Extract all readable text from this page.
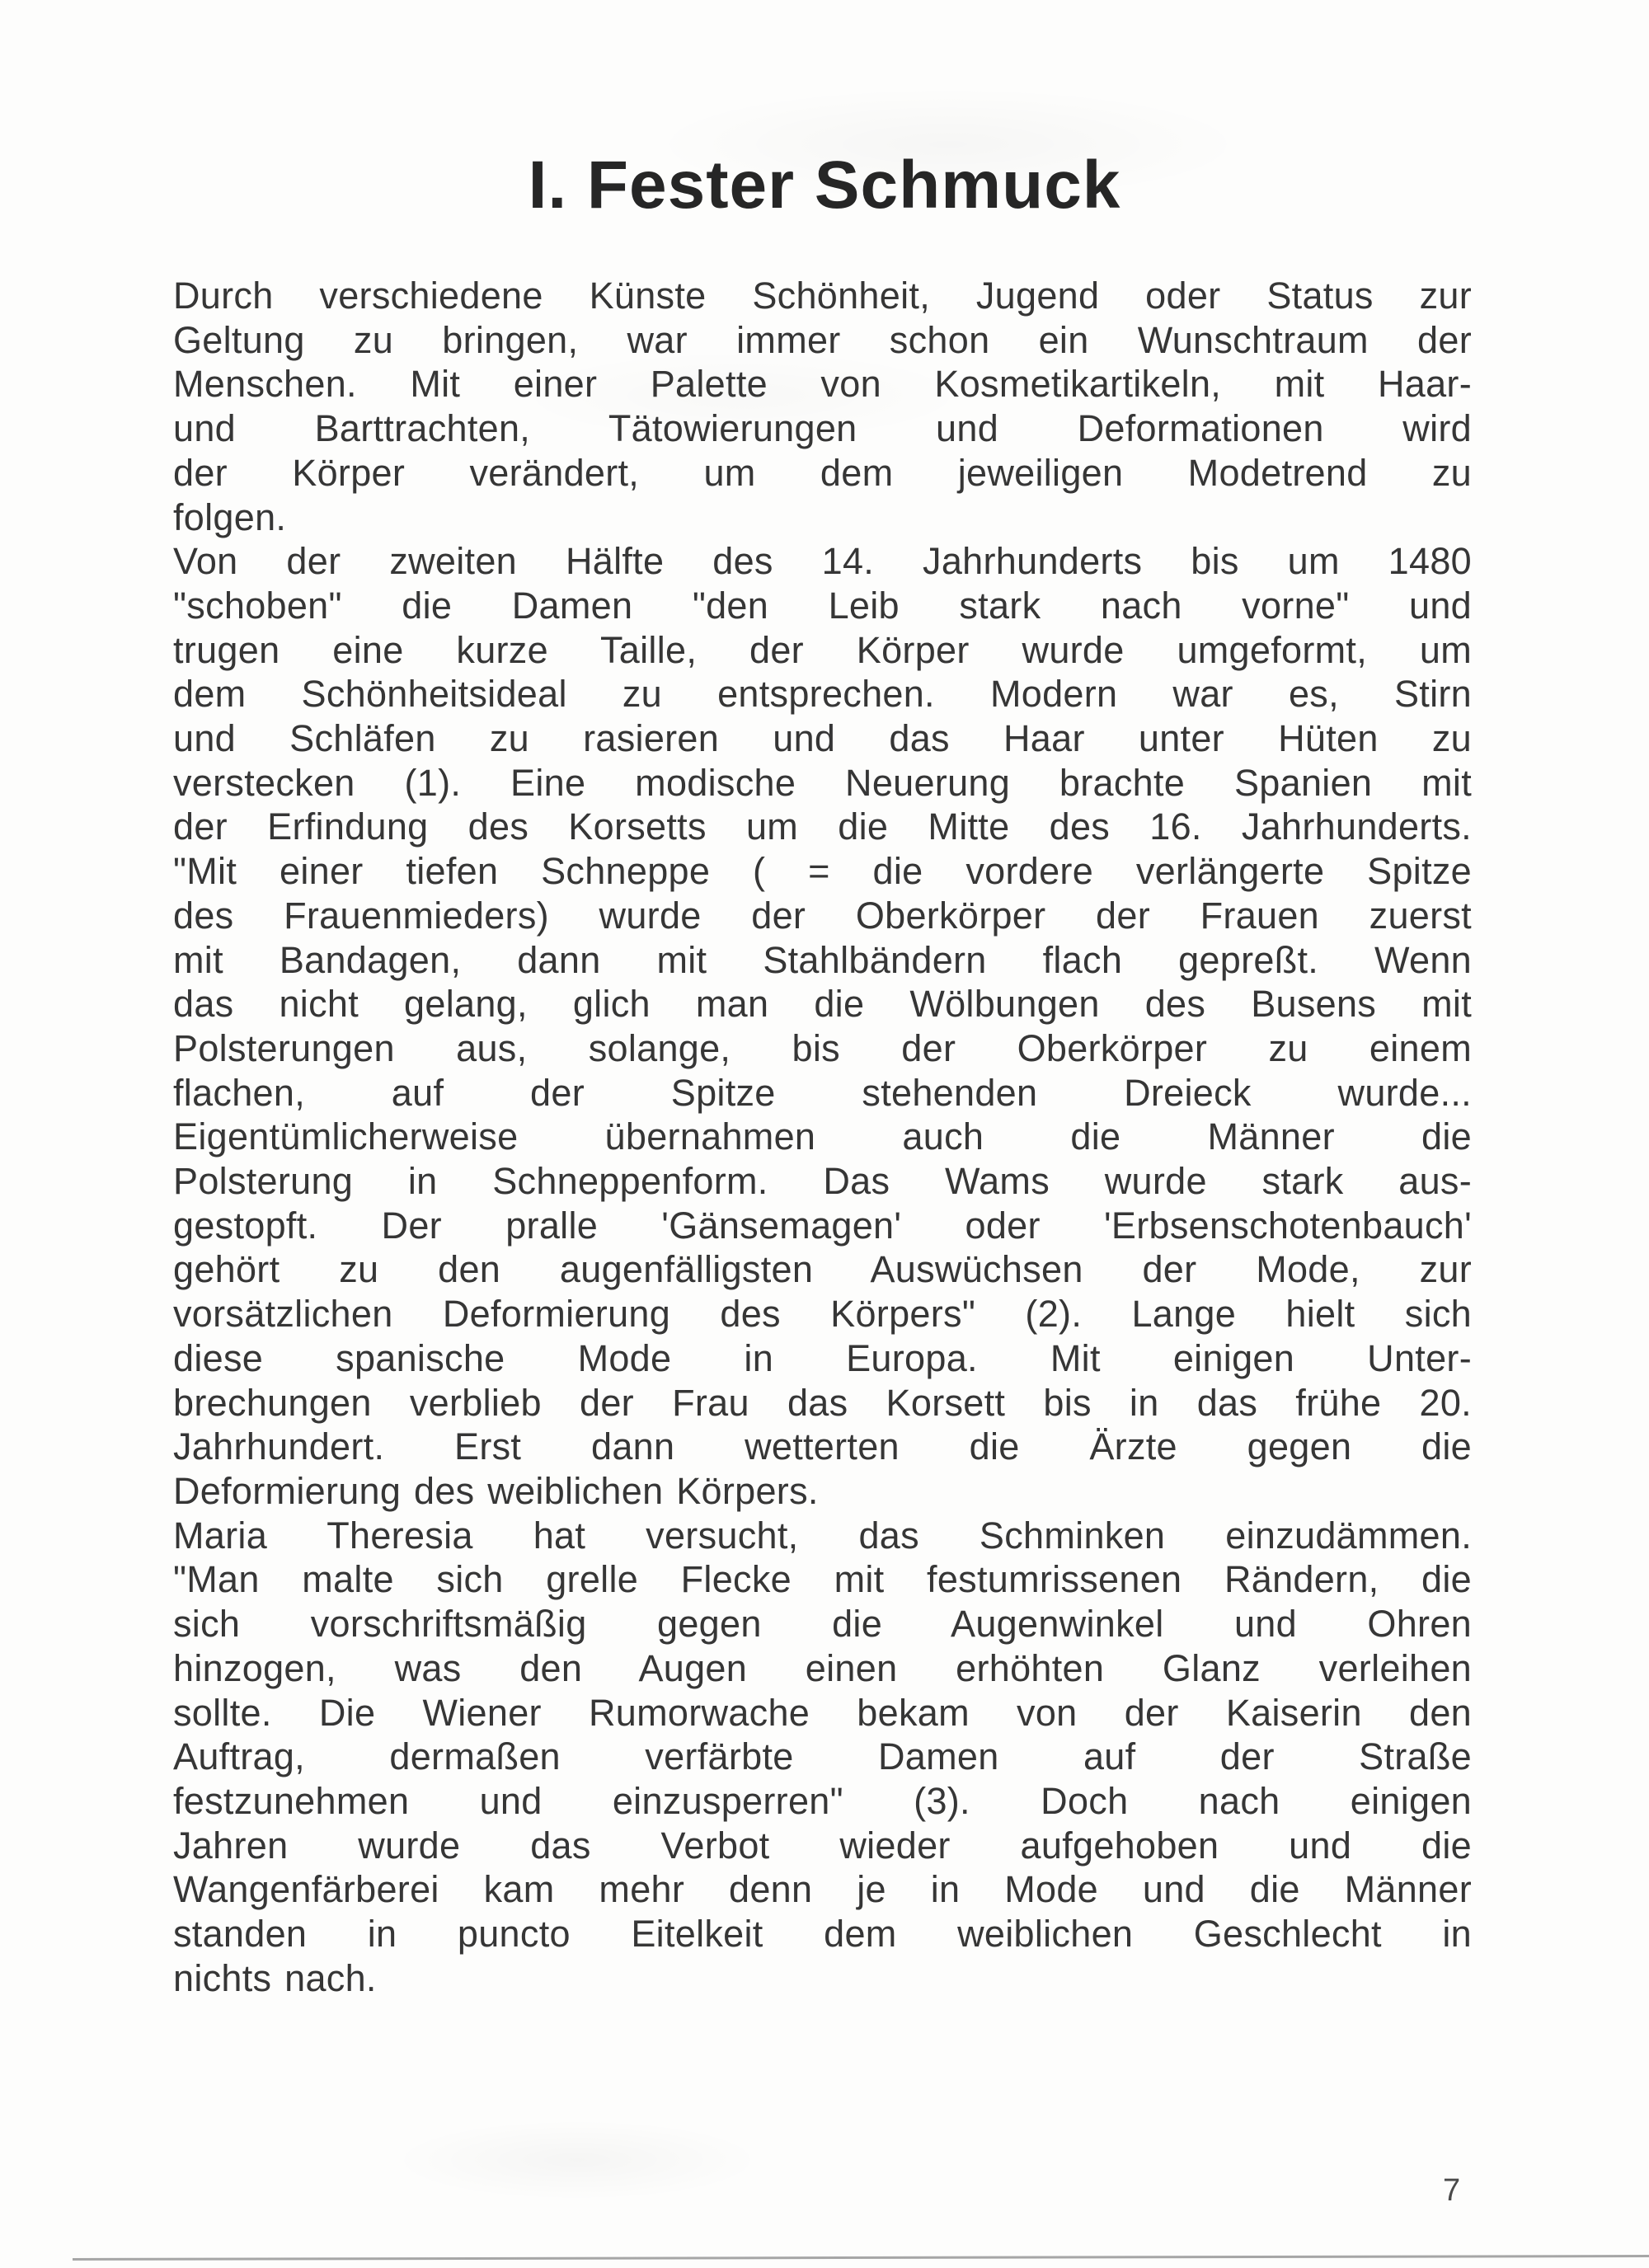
I. Fester Schmuck
Durch verschiedene Künste Schönheit, Jugend oder Status zur
Geltung zu bringen, war immer schon ein Wunschtraum der
Menschen. Mit einer Palette von Kosmetikartikeln, mit Haar-
und Barttrachten, Tätowierungen und Deformationen wird
der Körper verändert, um dem jeweiligen Modetrend zu
folgen.
Von der zweiten Hälfte des 14. Jahrhunderts bis um 1480
"schoben" die Damen "den Leib stark nach vorne" und
trugen eine kurze Taille, der Körper wurde umgeformt, um
dem Schönheitsideal zu entsprechen. Modern war es, Stirn
und Schläfen zu rasieren und das Haar unter Hüten zu
verstecken (1). Eine modische Neuerung brachte Spanien mit
der Erfindung des Korsetts um die Mitte des 16. Jahrhunderts.
"Mit einer tiefen Schneppe ( = die vordere verlängerte Spitze
des Frauenmieders) wurde der Oberkörper der Frauen zuerst
mit Bandagen, dann mit Stahlbändern flach gepreßt. Wenn
das nicht gelang, glich man die Wölbungen des Busens mit
Polsterungen aus, solange, bis der Oberkörper zu einem
flachen, auf der Spitze stehenden Dreieck wurde...
Eigentümlicherweise übernahmen auch die Männer die
Polsterung in Schneppenform. Das Wams wurde stark aus-
gestopft. Der pralle 'Gänsemagen' oder 'Erbsenschotenbauch'
gehört zu den augenfälligsten Auswüchsen der Mode, zur
vorsätzlichen Deformierung des Körpers" (2). Lange hielt sich
diese spanische Mode in Europa. Mit einigen Unter-
brechungen verblieb der Frau das Korsett bis in das frühe 20.
Jahrhundert. Erst dann wetterten die Ärzte gegen die
Deformierung des weiblichen Körpers.
Maria Theresia hat versucht, das Schminken einzudämmen.
"Man malte sich grelle Flecke mit festumrissenen Rändern, die
sich vorschriftsmäßig gegen die Augenwinkel und Ohren
hinzogen, was den Augen einen erhöhten Glanz verleihen
sollte. Die Wiener Rumorwache bekam von der Kaiserin den
Auftrag, dermaßen verfärbte Damen auf der Straße
festzunehmen und einzusperren" (3). Doch nach einigen
Jahren wurde das Verbot wieder aufgehoben und die
Wangenfärberei kam mehr denn je in Mode und die Männer
standen in puncto Eitelkeit dem weiblichen Geschlecht in
nichts nach.
7
